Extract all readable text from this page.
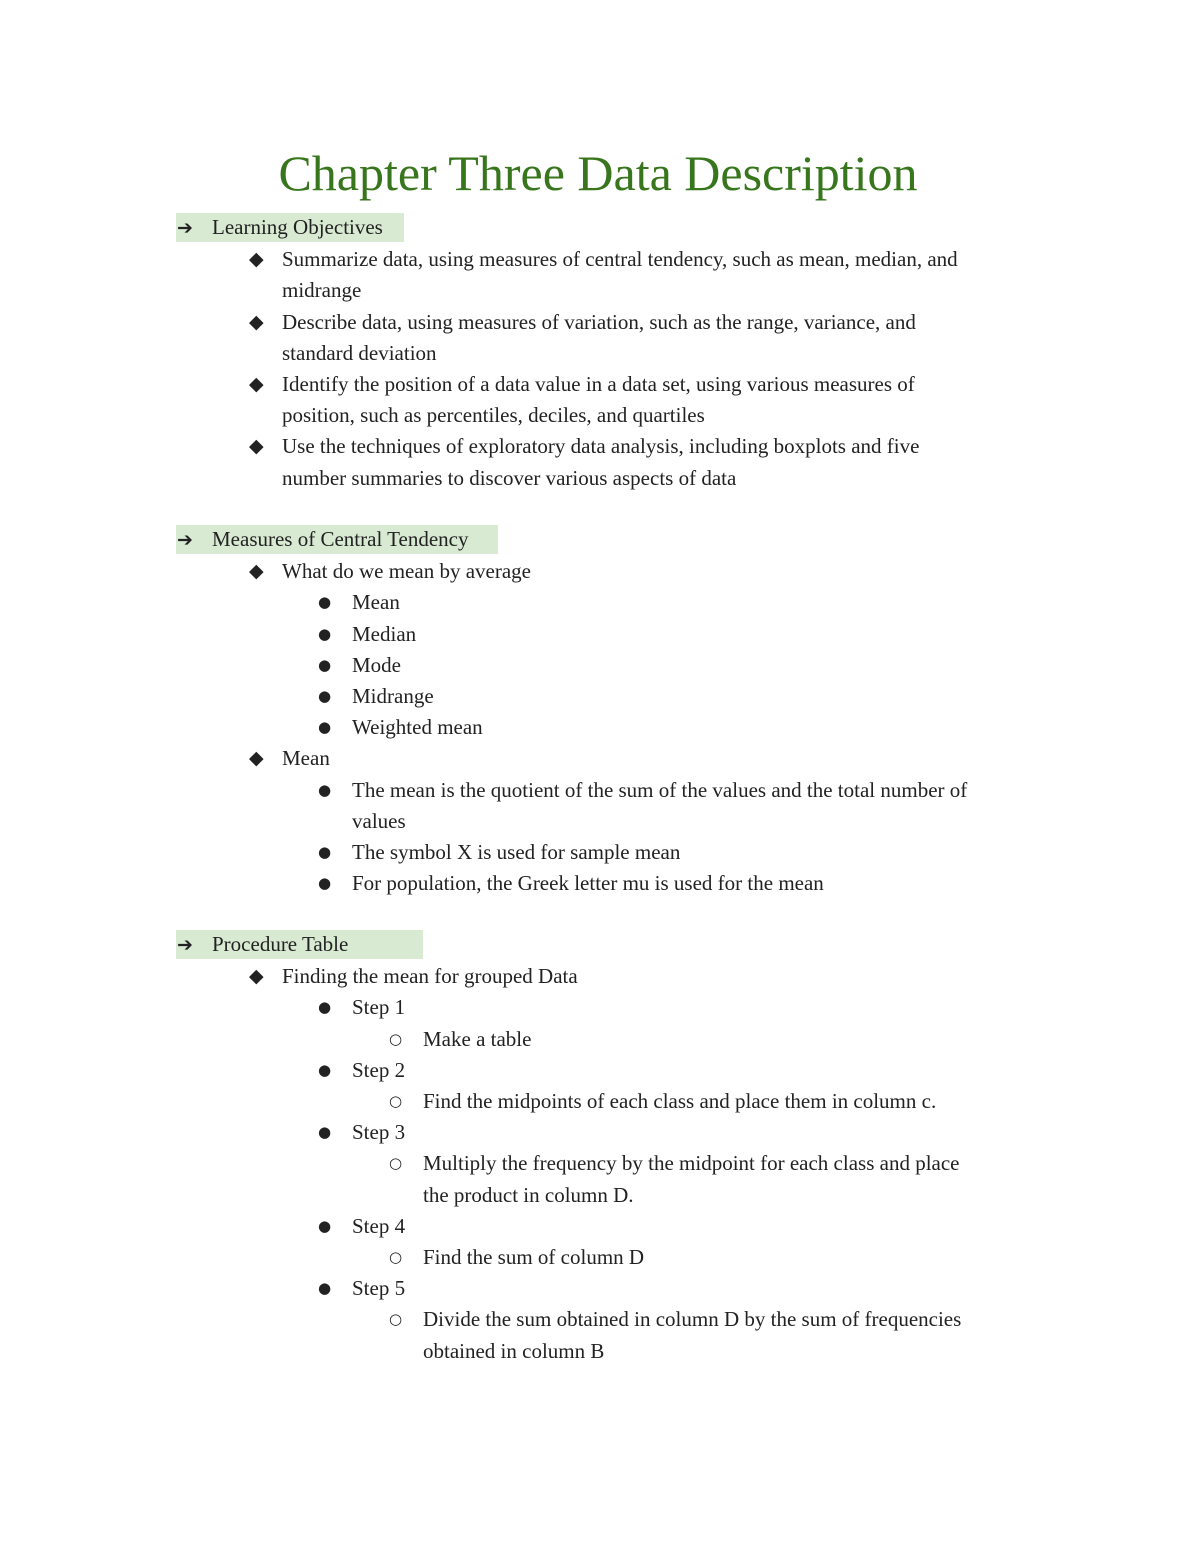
Chapter Three Data Description
➔ Learning Objectives
◆ Summarize data, using measures of central tendency, such as mean, median, and
midrange
◆ Describe data, using measures of variation, such as the range, variance, and
standard deviation
◆ Identify the position of a data value in a data set, using various measures of
position, such as percentiles, deciles, and quartiles
◆ Use the techniques of exploratory data analysis, including boxplots and five
number summaries to discover various aspects of data
➔ Measures of Central Tendency
◆ What do we mean by average
● Mean
● Median
● Mode
● Midrange
● Weighted mean
◆ Mean
● The mean is the quotient of the sum of the values and the total number of
values
● The symbol X is used for sample mean
● For population, the Greek letter mu is used for the mean
➔ Procedure Table
◆ Finding the mean for grouped Data
● Step 1
○ Make a table
● Step 2
○ Find the midpoints of each class and place them in column c.
● Step 3
○ Multiply the frequency by the midpoint for each class and place
the product in column D.
● Step 4
○ Find the sum of column D
● Step 5
○ Divide the sum obtained in column D by the sum of frequencies
obtained in column B
